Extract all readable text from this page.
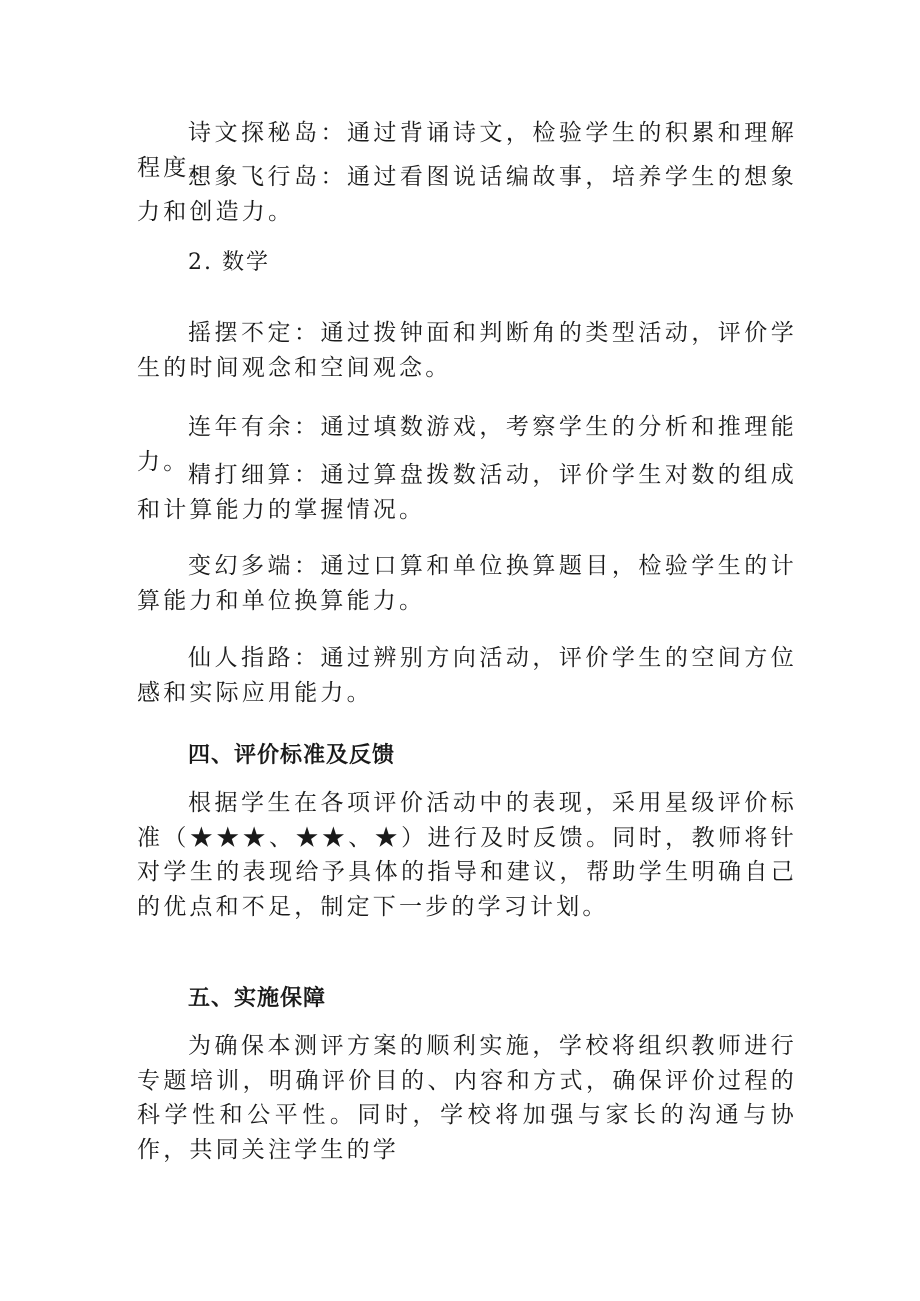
诗文探秘岛：通过背诵诗文，检验学生的积累和理解程度。

想象飞行岛：通过看图说话编故事，培养学生的想象力和创造力。

2. 数学

摇摆不定：通过拨钟面和判断角的类型活动，评价学生的时间观念和空间观念。

连年有余：通过填数游戏，考察学生的分析和推理能力。

精打细算：通过算盘拨数活动，评价学生对数的组成和计算能力的掌握情况。

变幻多端：通过口算和单位换算题目，检验学生的计算能力和单位换算能力。

仙人指路：通过辨别方向活动，评价学生的空间方位感和实际应用能力。

四、评价标准及反馈

根据学生在各项评价活动中的表现，采用星级评价标准（★★★、★★、★）进行及时反馈。同时，教师将针对学生的表现给予具体的指导和建议，帮助学生明确自己的优点和不足，制定下一步的学习计划。

五、实施保障

为确保本测评方案的顺利实施，学校将组织教师进行专题培训，明确评价目的、内容和方式，确保评价过程的科学性和公平性。同时，学校将加强与家长的沟通与协作，共同关注学生的学
